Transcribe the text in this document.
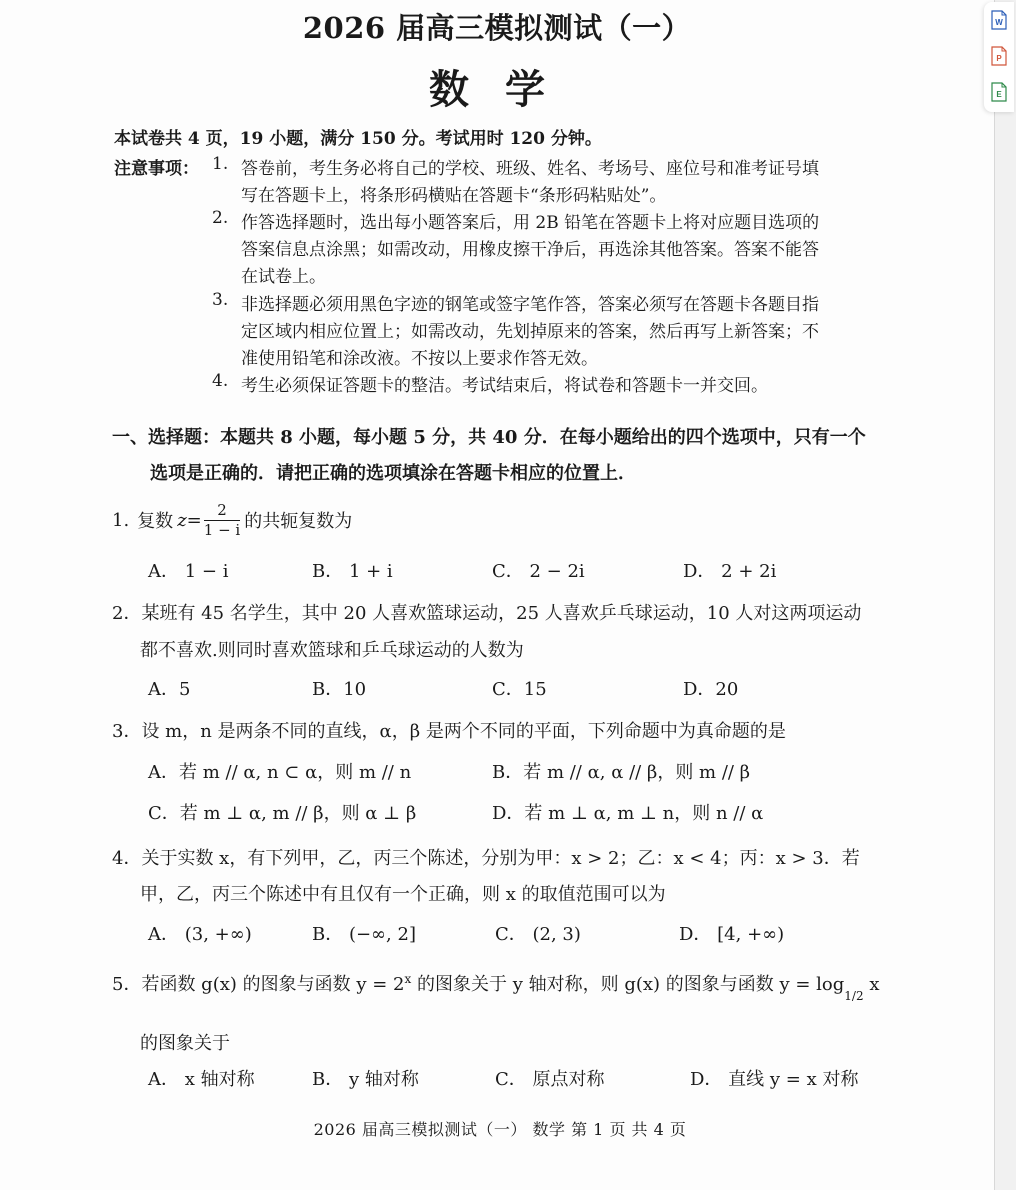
2026 届高三模拟测试（一）
数学
本试卷共 4 页，19 小题，满分 150 分。考试用时 120 分钟。
注意事项： 1. 答卷前，考生务必将自己的学校、班级、姓名、考场号、座位号和准考证号填
写在答题卡上，将条形码横贴在答题卡“条形码粘贴处”。
2. 作答选择题时，选出每小题答案后，用 2B 铅笔在答题卡上将对应题目选项的
答案信息点涂黑；如需改动，用橡皮擦干净后，再选涂其他答案。答案不能答
在试卷上。
3. 非选择题必须用黑色字迹的钢笔或签字笔作答，答案必须写在答题卡各题目指
定区域内相应位置上；如需改动，先划掉原来的答案，然后再写上新答案；不
准使用铅笔和涂改液。不按以上要求作答无效。
4. 考生必须保证答题卡的整洁。考试结束后，将试卷和答题卡一并交回。
一、选择题：本题共 8 小题，每小题 5 分，共 40 分．在每小题给出的四个选项中，只有一个
选项是正确的．请把正确的选项填涂在答题卡相应的位置上．
1. 复数 $z = \frac{2}{1 - i}$ 的共轭复数为
A． 1 − i	B． 1 + i	C． 2 − 2i	D． 2 + 2i
2．某班有 45 名学生，其中 20 人喜欢篮球运动，25 人喜欢乒乓球运动，10 人对这两项运动
都不喜欢.则同时喜欢篮球和乒乓球运动的人数为
A．5	B．10	C．15	D．20
3．设 m，n 是两条不同的直线，α，β 是两个不同的平面，下列命题中为真命题的是
A．若 m // α, n ⊂ α，则 m // n	B．若 m // α, α // β，则 m // β
C．若 m ⊥ α, m // β，则 α ⊥ β	D．若 m ⊥ α, m ⊥ n，则 n // α
4．关于实数 x，有下列甲，乙，丙三个陈述，分别为甲：x > 2；乙：x < 4；丙：x > 3．若
甲，乙，丙三个陈述中有且仅有一个正确，则 x 的取值范围可以为
A． (3, +∞)	B． (−∞, 2]	C． (2, 3)	D． [4, +∞)
5．若函数 g(x) 的图象与函数 $y = 2^x$ 的图象关于 y 轴对称，则 g(x) 的图象与函数 $y = \log_{1/2} x$
的图象关于
A． x 轴对称	B． y 轴对称	C． 原点对称	D． 直线 y = x 对称
2026 届高三模拟测试（一） 数学 第 1 页 共 4 页
W
P
E
